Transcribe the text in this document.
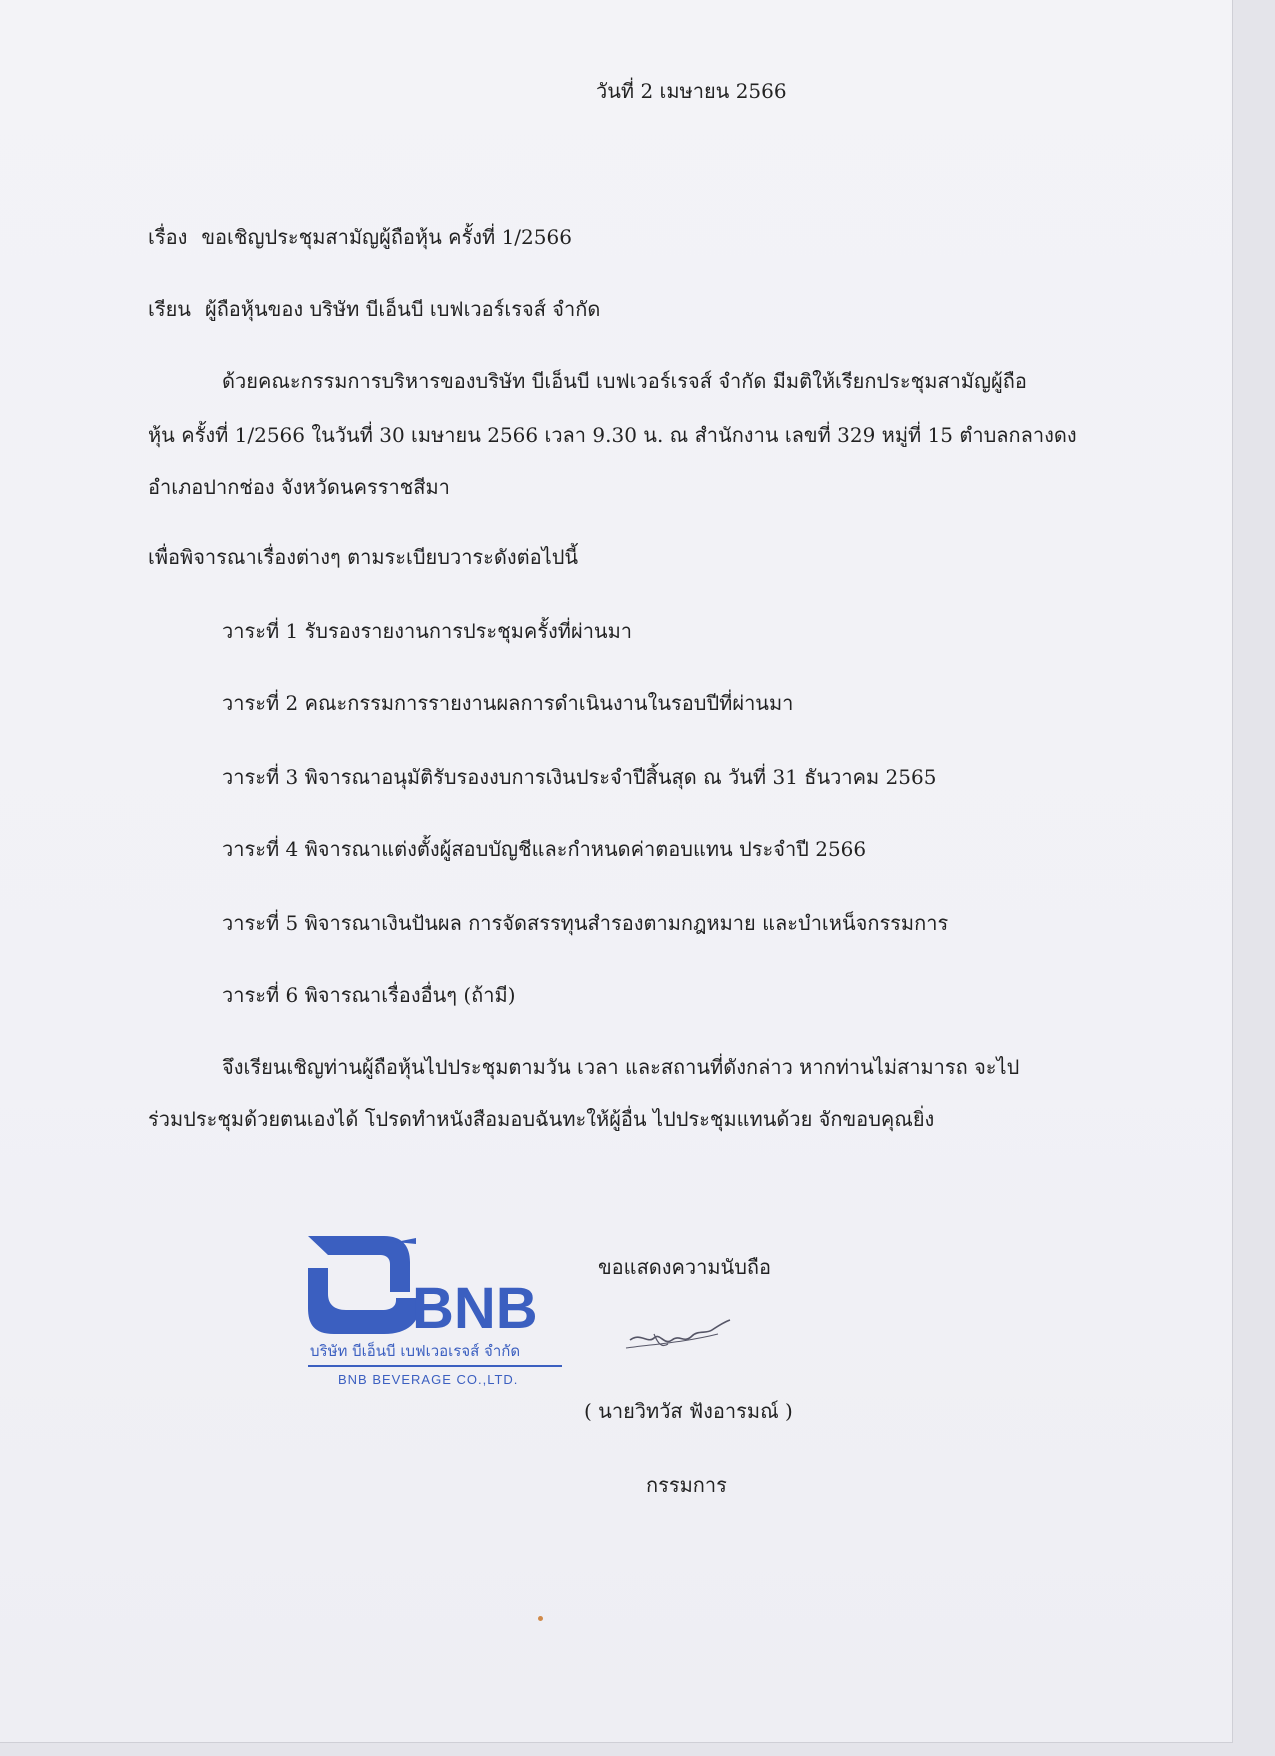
วันที่ 2 เมษายน 2566
เรื่อง ขอเชิญประชุมสามัญผู้ถือหุ้น ครั้งที่ 1/2566
เรียน ผู้ถือหุ้นของ บริษัท บีเอ็นบี เบฟเวอร์เรจส์ จำกัด
ด้วยคณะกรรมการบริหารของบริษัท บีเอ็นบี เบฟเวอร์เรจส์ จำกัด มีมติให้เรียกประชุมสามัญผู้ถือ
หุ้น ครั้งที่ 1/2566 ในวันที่ 30 เมษายน 2566 เวลา 9.30 น. ณ สำนักงาน เลขที่ 329 หมู่ที่ 15 ตำบลกลางดง
อำเภอปากช่อง จังหวัดนครราชสีมา
เพื่อพิจารณาเรื่องต่างๆ ตามระเบียบวาระดังต่อไปนี้
วาระที่ 1 รับรองรายงานการประชุมครั้งที่ผ่านมา
วาระที่ 2 คณะกรรมการรายงานผลการดำเนินงานในรอบปีที่ผ่านมา
วาระที่ 3 พิจารณาอนุมัติรับรองงบการเงินประจำปีสิ้นสุด ณ วันที่ 31 ธันวาคม 2565
วาระที่ 4 พิจารณาแต่งตั้งผู้สอบบัญชีและกำหนดค่าตอบแทน ประจำปี 2566
วาระที่ 5 พิจารณาเงินปันผล การจัดสรรทุนสำรองตามกฎหมาย และบำเหน็จกรรมการ
วาระที่ 6 พิจารณาเรื่องอื่นๆ (ถ้ามี)
จึงเรียนเชิญท่านผู้ถือหุ้นไปประชุมตามวัน เวลา และสถานที่ดังกล่าว หากท่านไม่สามารถ จะไป
ร่วมประชุมด้วยตนเองได้ โปรดทำหนังสือมอบฉันทะให้ผู้อื่น ไปประชุมแทนด้วย จักขอบคุณยิ่ง
ขอแสดงความนับถือ
BNB
บริษัท บีเอ็นบี เบฟเวอเรจส์ จำกัด
BNB BEVERAGE CO.,LTD.
( นายวิทวัส ฟังอารมณ์ )
กรรมการ
